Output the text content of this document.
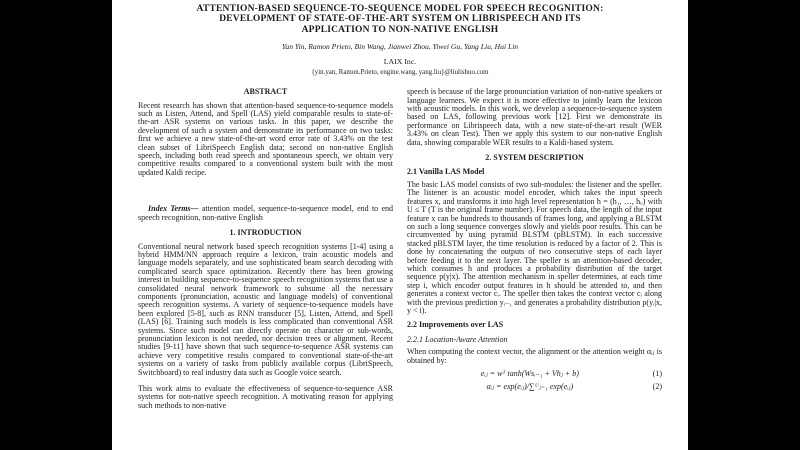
ATTENTION-BASED SEQUENCE-TO-SEQUENCE MODEL FOR SPEECH RECOGNITION:
DEVELOPMENT OF STATE-OF-THE-ART SYSTEM ON LIBRISPEECH AND ITS
APPLICATION TO NON-NATIVE ENGLISH
Yan Yin, Ramon Prieto, Bin Wang, Jianwei Zhou, Yiwei Gu, Yang Liu, Hui Lin
LAIX Inc.
{yin.yan, Ramon.Prieto, engine.wang, yang.liu}@liulishuo.com
ABSTRACT

Recent research has shown that attention-based sequence-to-sequence models such as Listen, Attend, and Spell (LAS) yield comparable results to state-of-the-art ASR systems on various tasks. In this paper, we describe the development of such a system and demonstrate its performance on two tasks: first we achieve a new state-of-the-art word error rate of 3.43% on the test clean subset of LibriSpeech English data; second on non-native English speech, including both read speech and spontaneous speech, we obtain very competitive results compared to a conventional system built with the most updated Kaldi recipe.

Index Terms— attention model, sequence-to-sequence model, end to end speech recognition, non-native English

1. INTRODUCTION

Conventional neural network based speech recognition systems [1-4] using a hybrid HMM/NN approach require a lexicon, train acoustic models and language models separately, and use sophisticated beam search decoding with complicated search space optimization. Recently there has been growing interest in building sequence-to-sequence speech recognition systems that use a consolidated neural network framework to subsume all the necessary components (pronunciation, acoustic and language models) of conventional speech recognition systems. A variety of sequence-to-sequence models have been explored [5-8], such as RNN transducer [5], Listen, Attend, and Spell (LAS) [6]. Training such models is less complicated than conventional ASR systems. Since such model can directly operate on character or sub-words, pronunciation lexicon is not needed, nor decision trees or alignment. Recent studies [9-11] have shown that such sequence-to-sequence ASR systems can achieve very competitive results compared to conventional state-of-the-art systems on a variety of tasks from publicly available corpus (LibriSpeech, Switchboard) to real industry data such as Google voice search.

This work aims to evaluate the effectiveness of sequence-to-sequence ASR systems for non-native speech recognition. A motivating reason for applying such methods to non-native

speech is because of the large pronunciation variation of non-native speakers or language learners. We expect it is more effective to jointly learn the lexicon with acoustic models. In this work, we develop a sequence-to-sequence system based on LAS, following previous work [12]. First we demonstrate its performance on Librispeech data, with a new state-of-the-art result (WER 3.43% on clean Test). Then we apply this system to our non-native English data, showing comparable WER results to a Kaldi-based system.

2. SYSTEM DESCRIPTION
2.1 Vanilla LAS Model

The basic LAS model consists of two sub-modules: the listener and the speller. The listener is an acoustic model encoder, which takes the input speech features x, and transforms it into high level representation h = (h₁, …, hᵤ) with U ≤ T (T is the original frame number). For speech data, the length of the input feature x can be hundreds to thousands of frames long, and applying a BLSTM on such a long sequence converges slowly and yields poor results. This can be circumvented by using pyramid BLSTM (pBLSTM). In each successive stacked pBLSTM layer, the time resolution is reduced by a factor of 2. This is done by concatenating the outputs of two consecutive steps of each layer before feeding it to the next layer. The speller is an attention-based decoder, which consumes h and produces a probability distribution of the target sequence p(y|x). The attention mechanism in speller determines, at each time step i, which encoder output features in h should be attended to, and then generates a context vector cᵢ. The speller then takes the context vector cᵢ along with the previous prediction yᵢ₋₁ and generates a probability distribution p(yᵢ|x, y < i).

2.2 Improvements over LAS
2.2.1 Location-Aware Attention

When computing the context vector, the alignment or the attention weight αᵢⱼ is obtained by:

eᵢⱼ = wᵀ tanh(Wsᵢ₋₁ + Vhⱼ + b)	(1)
αᵢⱼ = exp(eᵢⱼ)/∑ᵁⱼ₌₁ exp(eᵢⱼ)	(2)
